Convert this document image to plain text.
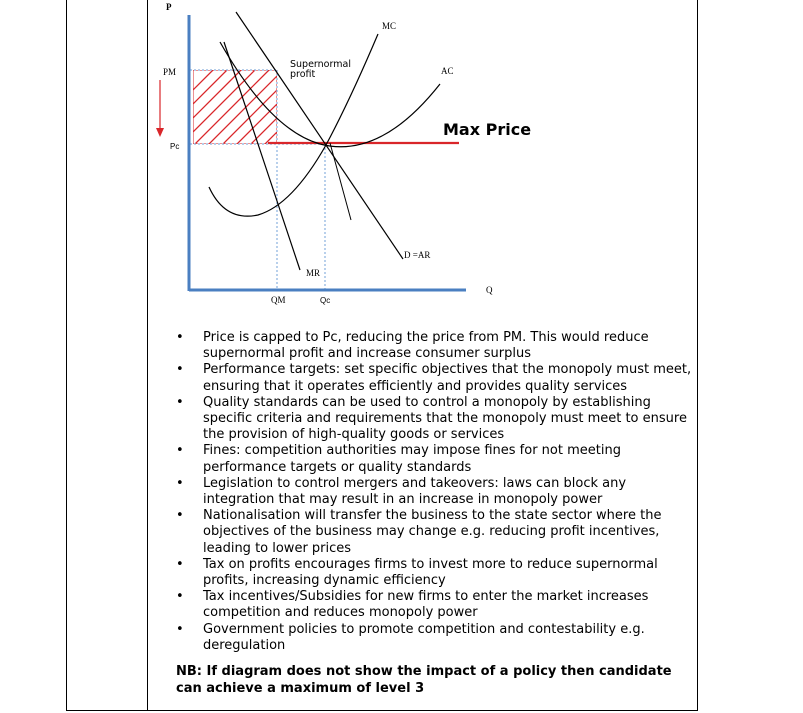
P
Q
PM
Pc
QM	Qc
Supernormal
profit
MC
AC
MR
D =AR
Max Price
• Price is capped to Pc, reducing the price from PM. This would reduce supernormal profit and increase consumer surplus
• Performance targets: set specific objectives that the monopoly must meet, ensuring that it operates efficiently and provides quality services
• Quality standards can be used to control a monopoly by establishing specific criteria and requirements that the monopoly must meet to ensure the provision of high-quality goods or services
• Fines: competition authorities may impose fines for not meeting performance targets or quality standards
• Legislation to control mergers and takeovers: laws can block any integration that may result in an increase in monopoly power
• Nationalisation will transfer the business to the state sector where the objectives of the business may change e.g. reducing profit incentives, leading to lower prices
• Tax on profits encourages firms to invest more to reduce supernormal profits, increasing dynamic efficiency
• Tax incentives/Subsidies for new firms to enter the market increases competition and reduces monopoly power
• Government policies to promote competition and contestability e.g. deregulation
NB: If diagram does not show the impact of a policy then candidate can achieve a maximum of level 3
